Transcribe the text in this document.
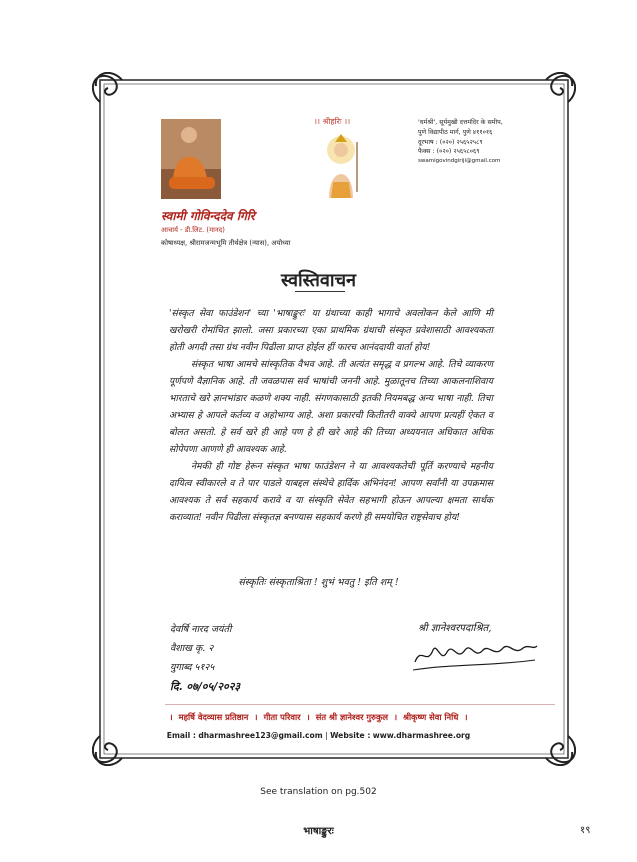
।। श्रीहरिः ।।	'धर्मश्री', सूर्यमुखी दत्तमंदिर के समीप,
पुणे विद्यापीठ मार्ग, पुणे ४११०१६
दूरभाष : (०२०) २५६५२५८९
फैक्स : (०२०) २५६५८०६९
swamigovindgiriji@gmail.com
स्वामी गोविन्ददेव गिरि
आचार्य - डी.लिट. (मानद)
कोषाध्यक्ष, श्रीरामजन्मभूमि तीर्थक्षेत्र (न्यास), अयोध्या
स्वस्तिवाचन

'संस्कृत सेवा फाउंडेशन' च्या 'भाषाङ्कुरः' या ग्रंथाच्या काही भागाचे अवलोकन केले आणि मी खरोखरी रोमांचित झालो. जसा प्रकारच्या एका प्राथमिक ग्रंथाची संस्कृत प्रवेशासाठी आवश्यकता होती अगदी तसा ग्रंथ नवीन पिढीला प्राप्त होईल हीं फारच आनंददायी वार्ता होय!

संस्कृत भाषा आमचे सांस्कृतिक वैभव आहे. ती अत्यंत समृद्ध व प्रगल्भ आहे. तिचे व्याकरण पूर्णपणे वैज्ञानिक आहे. ती जवळपास सर्व भाषांची जननी आहे. मुळातूनच तिच्या आकलनाशिवाय भारताचे खरे ज्ञानभांडार कळणे शक्य नाही. संगणकासाठी इतकी नियमबद्ध अन्य भाषा नाही. तिचा अभ्यास हे आपले कर्तव्य व अहोभाग्य आहे. अशा प्रकारची कितीतरी वाक्ये आपण प्रत्यहीं ऐकत व बोलत असतो. हे सर्व खरे ही आहे पण हे ही खरे आहे की तिच्या अध्ययनात अधिकात अधिक सोपेपणा आणणे ही आवश्यक आहे.

नेमकी ही गोष्ट हेरून संस्कृत भाषा फाउंडेशन ने या आवश्यकतेची पूर्ति करण्याचे महनीय दायित्व स्वीकारले व ते पार पाडले याबद्दल संस्थेचे हार्दिक अभिनंदन! आपण सर्वांनी या उपक्रमास आवश्यक ते सर्व सहकार्य करावे व या संस्कृति सेवेत सहभागी होऊन आपल्या क्षमता सार्थक कराव्यात! नवीन पिढीला संस्कृतज्ञ बनण्यास सहकार्य करणे ही समयोचित राष्ट्रसेवाच होय!

संस्कृतिः संस्कृताश्रिता ! शुभं भवतु ! इति शम् !
देवर्षि नारद जयंती
वैशाख कृ. २
युगाब्द ५१२५
दि. ०७/०५/२०२३
श्री ज्ञानेश्वरपदाश्रित,
। महर्षि वेदव्यास प्रतिष्ठान । गीता परिवार । संत श्री ज्ञानेश्वर गुरुकुल । श्रीकृष्ण सेवा निधि ।
Email : dharmashree123@gmail.com | Website : www.dharmashree.org
See translation on pg.502
भाषाङ्कुरः	१९
